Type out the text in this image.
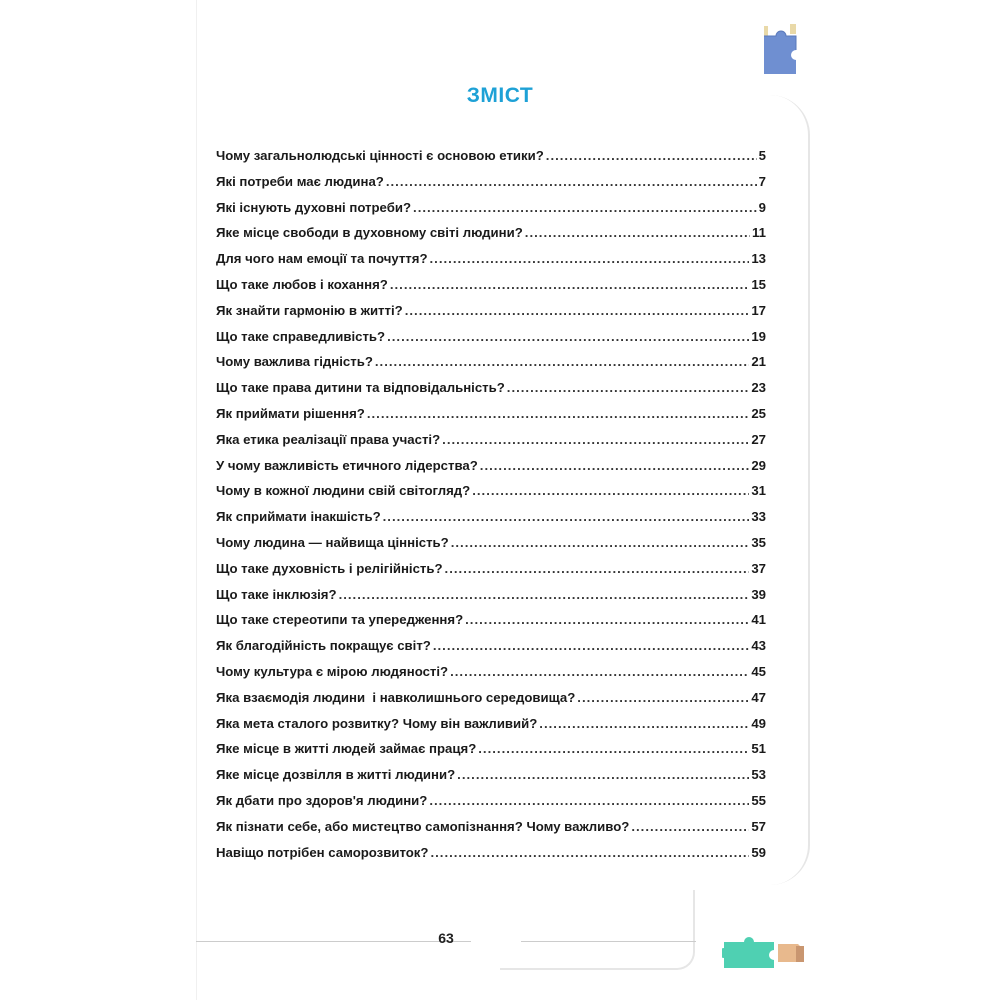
ЗМІСТ
Чому загальнолюдські цінності є основою етики? .....	5
Які потреби має людина? .....	7
Які існують духовні потреби? .....	9
Яке місце свободи в духовному світі людини? .....	11
Для чого нам емоції та почуття? .....	13
Що таке любов і кохання? .....	15
Як знайти гармонію в житті? .....	17
Що таке справедливість? .....	19
Чому важлива гідність? .....	21
Що таке права дитини та відповідальність? .....	23
Як приймати рішення? .....	25
Яка етика реалізації права участі? .....	27
У чому важливість етичного лідерства? .....	29
Чому в кожної людини свій світогляд? .....	31
Як сприймати інакшість? .....	33
Чому людина — найвища цінність? .....	35
Що таке духовність і релігійність? .....	37
Що таке інклюзія? .....	39
Що таке стереотипи та упередження? .....	41
Як благодійність покращує світ? .....	43
Чому культура є мірою людяності? .....	45
Яка взаємодія людини  і навколишнього середовища? .....	47
Яка мета сталого розвитку? Чому він важливий? .....	49
Яке місце в житті людей займає праця? .....	51
Яке місце дозвілля в житті людини? .....	53
Як дбати про здоров'я людини? .....	55
Як пізнати себе, або мистецтво самопізнання? Чому важливо? .....	57
Навіщо потрібен саморозвиток? .....	59
63
